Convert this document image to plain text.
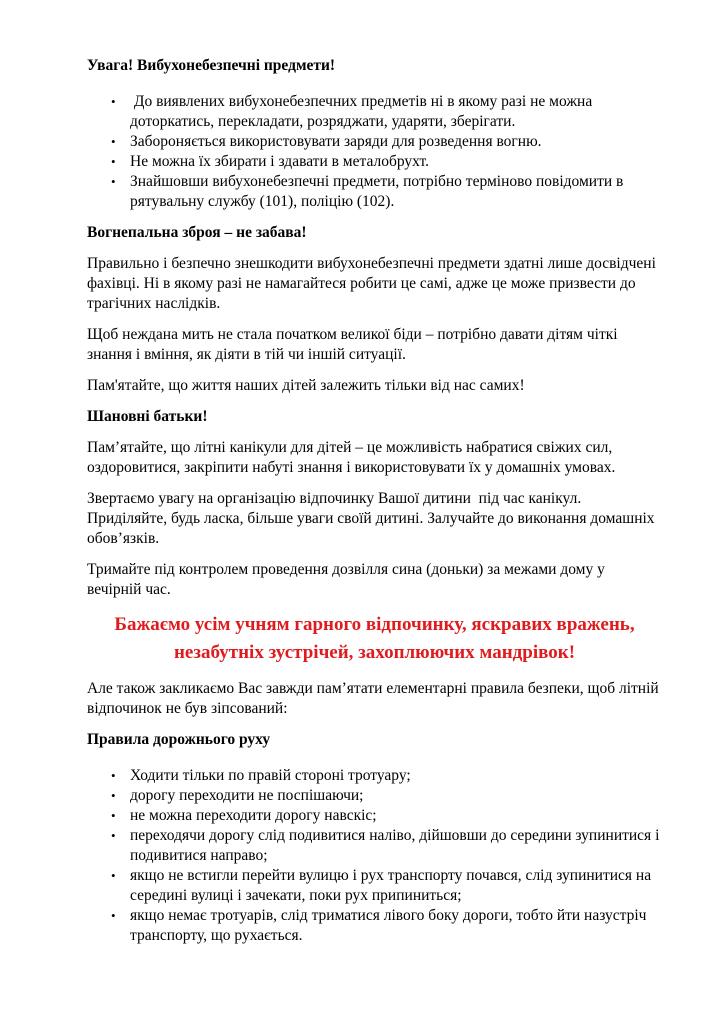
Увага! Вибухонебезпечні предмети!
• До виявлених вибухонебезпечних предметів ні в якому разі не можна доторкатись, перекладати, розряджати, ударяти, зберігати.
• Забороняється використовувати заряди для розведення вогню.
• Не можна їх збирати і здавати в металобрухт.
• Знайшовши вибухонебезпечні предмети, потрібно терміново повідомити в рятувальну службу (101), поліцію (102).
Вогнепальна зброя – не забава!

Правильно і безпечно знешкодити вибухонебезпечні предмети здатні лише досвідчені фахівці. Ні в якому разі не намагайтеся робити це самі, адже це може призвести до трагічних наслідків.

Щоб неждана мить не стала початком великої біди – потрібно давати дітям чіткі знання і вміння, як діяти в тій чи іншій ситуації.

Пам'ятайте, що життя наших дітей залежить тільки від нас самих!

Шановні батьки!

Пам’ятайте, що літні канікули для дітей – це можливість набратися свіжих сил, оздоровитися, закріпити набуті знання і використовувати їх у домашніх умовах.

Звертаємо увагу на організацію відпочинку Вашої дитини  під час канікул. Приділяйте, будь ласка, більше уваги своїй дитині. Залучайте до виконання домашніх обов’язків.

Тримайте під контролем проведення дозвілля сина (доньки) за межами дому у вечірній час.

Бажаємо усім учням гарного відпочинку, яскравих вражень,
незабутніх зустрічей, захоплюючих мандрівок!

Але також закликаємо Вас завжди пам’ятати елементарні правила безпеки, щоб літній відпочинок не був зіпсований:

Правила дорожнього руху
• Ходити тільки по правій стороні тротуару;
• дорогу переходити не поспішаючи;
• не можна переходити дорогу навскіс;
• переходячи дорогу слід подивитися наліво, дійшовши до середини зупинитися і подивитися направо;
• якщо не встигли перейти вулицю і рух транспорту почався, слід зупинитися на середині вулиці і зачекати, поки рух припиниться;
• якщо немає тротуарів, слід триматися лівого боку дороги, тобто йти назустріч транспорту, що рухається.
